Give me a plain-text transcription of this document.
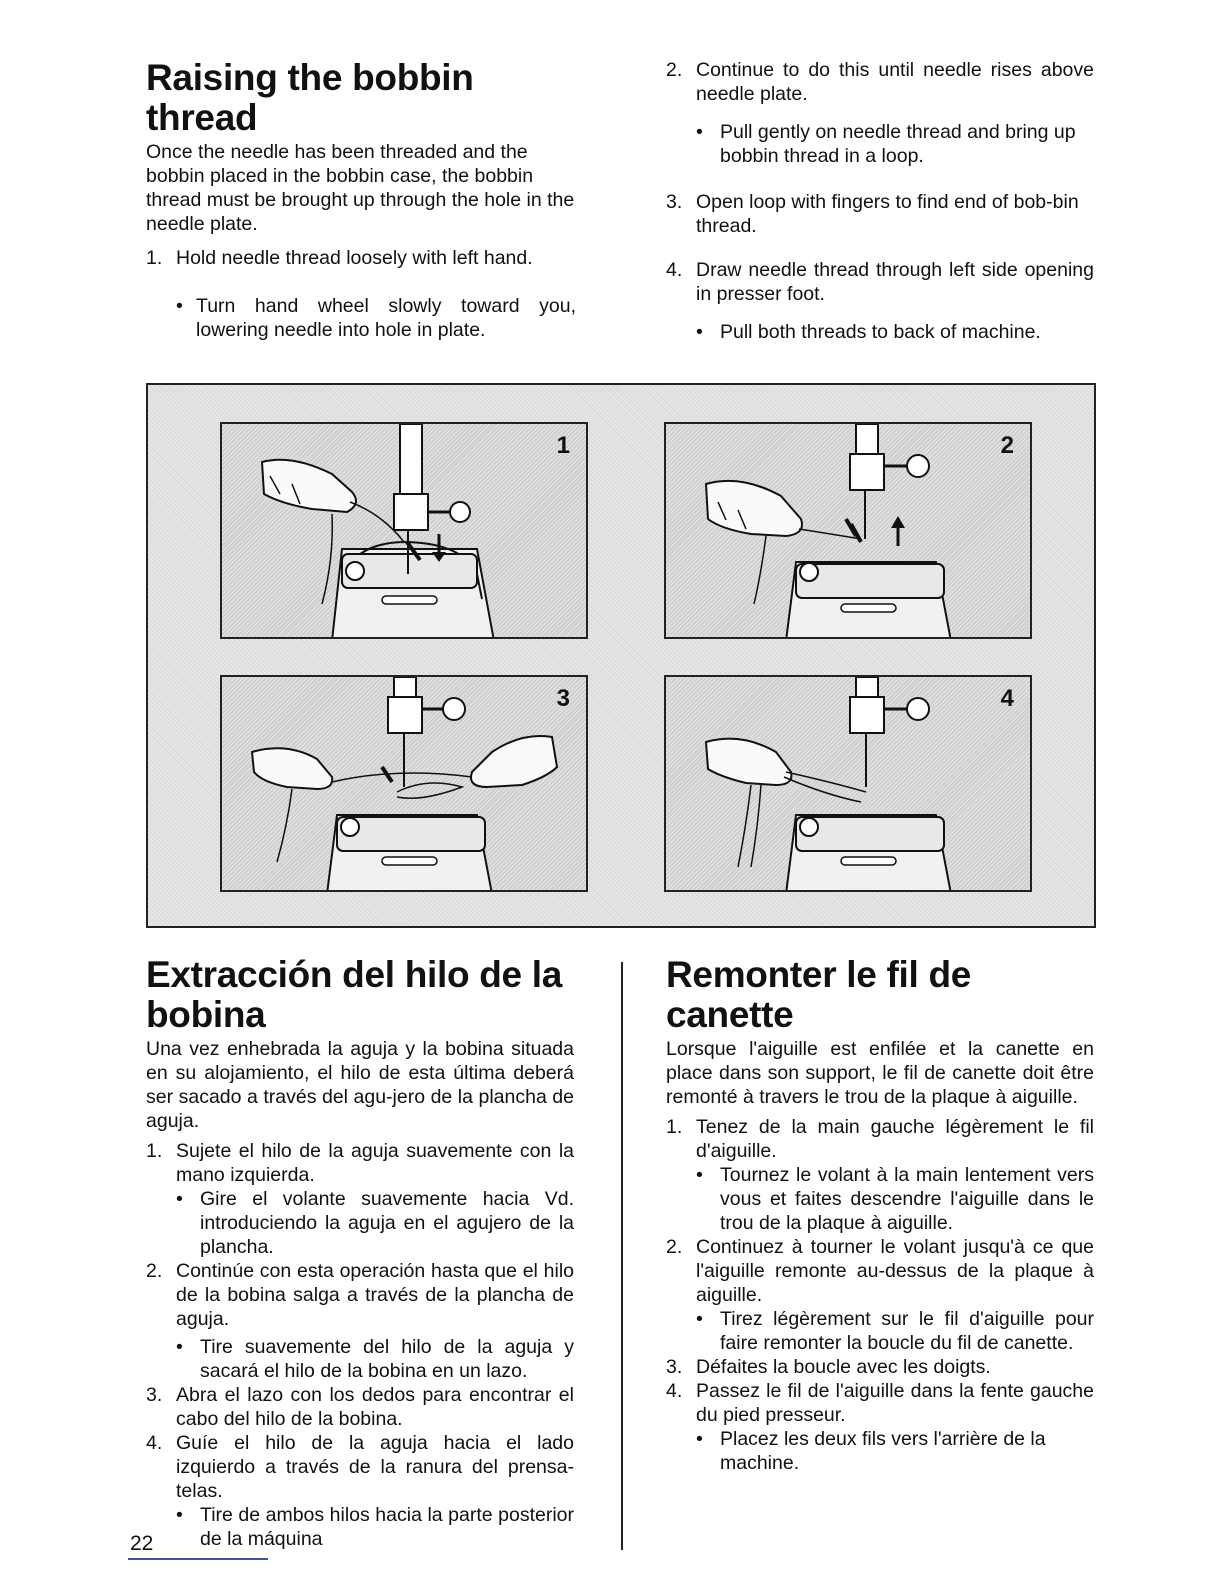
Raising the bobbin thread

Once the needle has been threaded and the bobbin placed in the bobbin case, the bobbin thread must be brought up through the hole in the needle plate.

1. Hold needle thread loosely with left hand.
• Turn hand wheel slowly toward you, lowering needle into hole in plate.
2. Continue to do this until needle rises above needle plate.
• Pull gently on needle thread and bring up bobbin thread in a loop.
3. Open loop with fingers to find end of bob-bin thread.
4. Draw needle thread through left side opening in presser foot.
• Pull both threads to back of machine.
1	2
3	4
Extracción del hilo de la bobina

Una vez enhebrada la aguja y la bobina situada en su alojamiento, el hilo de esta última deberá ser sacado a través del agu-jero de la plancha de aguja.

1. Sujete el hilo de la aguja suavemente con la mano izquierda.
• Gire el volante suavemente hacia Vd. introduciendo la aguja en el agujero de la plancha.
2. Continúe con esta operación hasta que el hilo de la bobina salga a través de la plancha de aguja.
• Tire suavemente del hilo de la aguja y sacará el hilo de la bobina en un lazo.
3. Abra el lazo con los dedos para encontrar el cabo del hilo de la bobina.
4. Guíe el hilo de la aguja hacia el lado izquierdo a través de la ranura del prensa-telas.
• Tire de ambos hilos hacia la parte posterior de la máquina
Remonter le fil de canette

Lorsque l'aiguille est enfilée et la canette en place dans son support, le fil de canette doit être remonté à travers le trou de la plaque à aiguille.

1. Tenez de la main gauche légèrement le fil d'aiguille.
• Tournez le volant à la main lentement vers vous et faites descendre l'aiguille dans le trou de la plaque à aiguille.
2. Continuez à tourner le volant jusqu'à ce que l'aiguille remonte au-dessus de la plaque à aiguille.
• Tirez légèrement sur le fil d'aiguille pour faire remonter la boucle du fil de canette.
3. Défaites la boucle avec les doigts.
4. Passez le fil de l'aiguille dans la fente gauche du pied presseur.
• Placez les deux fils vers l'arrière de la machine.
22
